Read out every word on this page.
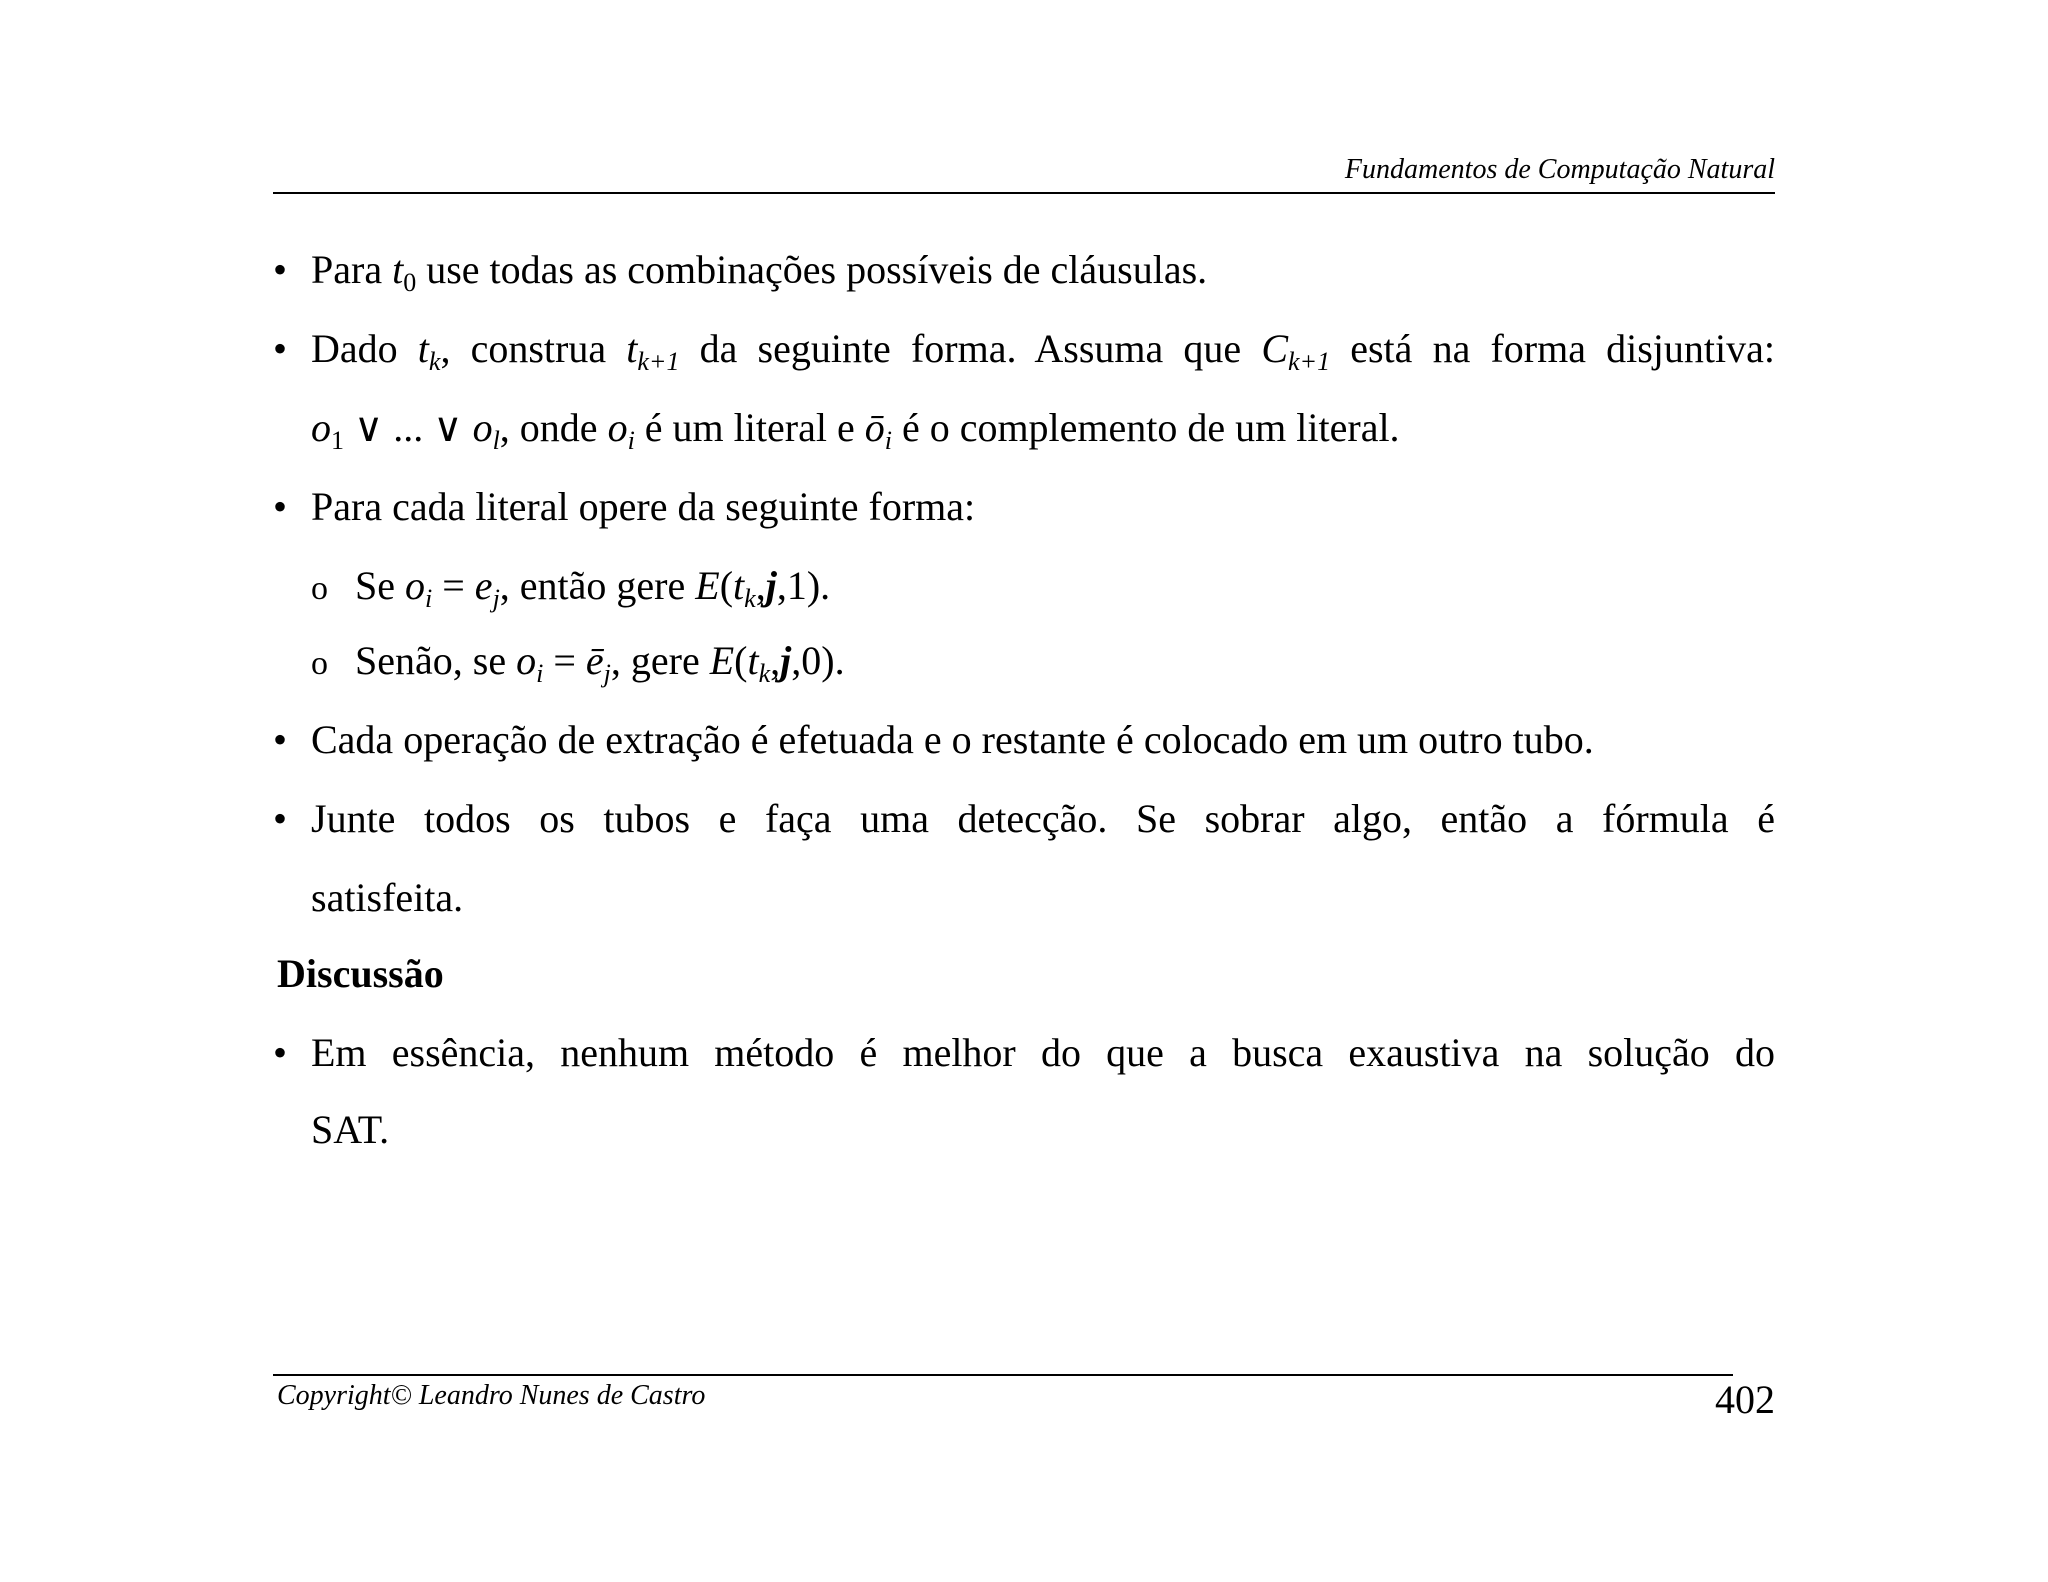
Fundamentos de Computação Natural
• Para $t_0$ use todas as combinações possíveis de cláusulas.
• Dado $t_k$, construa $t_{k+1}$ da seguinte forma. Assuma que $C_{k+1}$ está na forma disjuntiva:
$o_1$ ∨ ... ∨ $o_l$, onde $o_i$ é um literal e $ō_i$ é o complemento de um literal.
• Para cada literal opere da seguinte forma:
o Se $o_i = e_j$, então gere $E(t_k,j,1)$.
o Senão, se $o_i$ = $ē_j$, gere $E(t_k,j,0)$.
• Cada operação de extração é efetuada e o restante é colocado em um outro tubo.
• Junte todos os tubos e faça uma detecção. Se sobrar algo, então a fórmula é
satisfeita.
Discussão
• Em essência, nenhum método é melhor do que a busca exaustiva na solução do
SAT.
Copyright© Leandro Nunes de Castro	402
